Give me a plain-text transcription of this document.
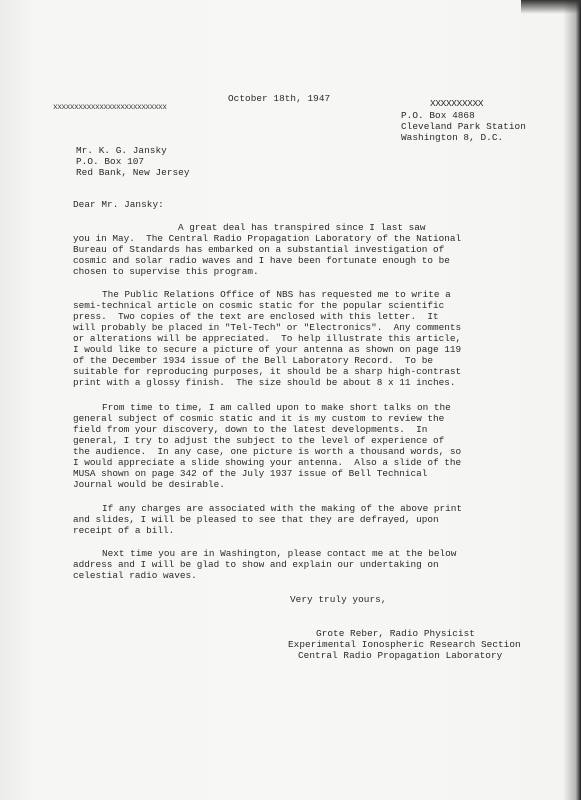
xxxxxxxxxxxxxxxxxxxxxxxxxxx
October 18th, 1947	XXXXXXXXXX
P.O. Box 4868
Cleveland Park Station
Washington 8, D.C.
Mr. K. G. Jansky
P.O. Box 107
Red Bank, New Jersey
Dear Mr. Jansky:
A great deal has transpired since I last saw
you in May.  The Central Radio Propagation Laboratory of the National
Bureau of Standards has embarked on a substantial investigation of
cosmic and solar radio waves and I have been fortunate enough to be
chosen to supervise this program.
The Public Relations Office of NBS has requested me to write a
semi-technical article on cosmic static for the popular scientific
press.  Two copies of the text are enclosed with this letter.  It
will probably be placed in "Tel-Tech" or "Electronics".  Any comments
or alterations will be appreciated.  To help illustrate this article,
I would like to secure a picture of your antenna as shown on page 119
of the December 1934 issue of the Bell Laboratory Record.  To be
suitable for reproducing purposes, it should be a sharp high-contrast
print with a glossy finish.  The size should be about 8 x 11 inches.
From time to time, I am called upon to make short talks on the
general subject of cosmic static and it is my custom to review the
field from your discovery, down to the latest developments.  In
general, I try to adjust the subject to the level of experience of
the audience.  In any case, one picture is worth a thousand words, so
I would appreciate a slide showing your antenna.  Also a slide of the
MUSA shown on page 342 of the July 1937 issue of Bell Technical
Journal would be desirable.
If any charges are associated with the making of the above print
and slides, I will be pleased to see that they are defrayed, upon
receipt of a bill.
Next time you are in Washington, please contact me at the below
address and I will be glad to show and explain our undertaking on
celestial radio waves.
Very truly yours,
Grote Reber, Radio Physicist
Experimental Ionospheric Research Section
Central Radio Propagation Laboratory
